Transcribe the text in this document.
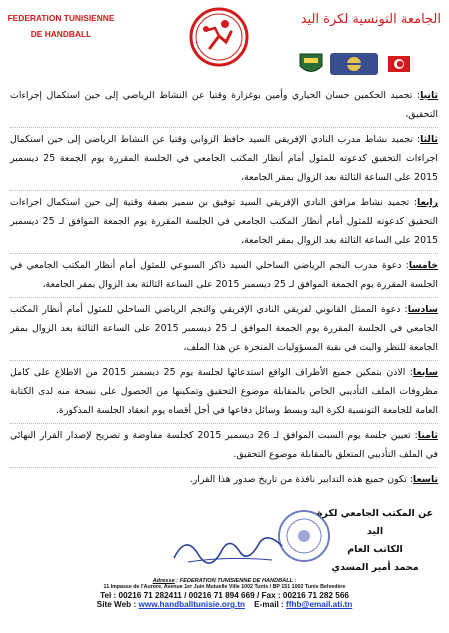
FEDERATION TUNISIENNE
DE HANDBALL
الجامعة التونسية لكرة اليد

ثانيا: تجميد الحكمين حسان الحياري وأمين بوغزارة وقتيا عن النشاط الرياضي إلى حين استكمال إجراءات التحقيق،

ثالثا: تجميد نشاط مدرب النادي الإفريقي السيد حافظ الزوابي وقتيا عن النشاط الرياضي إلى حين استكمال اجراءات التحقيق كدعوته للمثول أمام أنظار المكتب الجامعي في الجلسة المقررة يوم الجمعة 25 ديسمبر 2015 على الساعة الثالثة بعد الزوال بمقر الجامعة،

رابعا: تجميد نشاط مرافق النادي الإفريقي السيد توفيق بن سمير بصفة وقتية إلى حين استكمال اجراءات التحقيق كدعوته للمثول أمام أنظار المكتب الجامعي في الجلسة المقررة يوم الجمعة الموافق لـ 25 ديسمبر 2015 على الساعة الثالثة بعد الزوال بمقر الجامعة،

خامسا: دعوة مدرب النجم الرياضي الساحلي السيد ذاكر السبوعي للمثول أمام أنظار المكتب الجامعي في الجلسة المقررة يوم الجمعة الموافق لـ 25 ديسمبر 2015 على الساعة الثالثة بعد الزوال بمقر الجامعة،

سادسا: دعوة الممثل القانوني لفريقي النادي الإفريقي والنجم الرياضي الساحلي للمثول أمام أنظار المكتب الجامعي في الجلسة المقررة يوم الجمعة الموافق لـ 25 ديسمبر 2015 على الساعة الثالثة بعد الزوال بمقر الجامعة للنظر والبت في بقية المسؤوليات المنجرة عن هذا الملف،

سابعا: الاذن بتمكين جميع الأطراف الواقع استدعائها لجلسة يوم 25 ديسمبر 2015 من الاطلاع على كامل مظروفات الملف التأديبي الخاص بالمقابلة موضوع التحقيق وتمكينها من الحصول على نسخة منه لدى الكتابة العامة للجامعة التونسية لكرة اليد وبسط وسائل دفاعها في أجل أقصاه يوم انعقاد الجلسة المذكورة.

ثامنا: تعيين جلسة يوم السبت الموافق لـ 26 ديسمبر 2015 كجلسة مفاوضة و تصريح لإصدار القرار النهائي في الملف التأديبي المتعلق بالمقابلة موضوع التحقيق.

تاسعا: تكون جميع هذه التدابير نافذة من تاريخ صدور هذا القرار.

عن المكتب الجامعي لكرة اليد
الكاتب العام
محمد أمير المسدي
Adresse : FEDERATION TUNISIENNE DE HANDBALL :
11 Impasse de l'Aurore, Avenue 1er Juin Mutuelle Ville 1002 Tunis / BP 151 1002 Tunis Belvedère
Tel : 00216 71 282411 / 00216 71 894 669 / Fax : 00216 71 282 566
Site Web : www.handballtunisie.org.tn E-mail : ffhb@email.ati.tn
